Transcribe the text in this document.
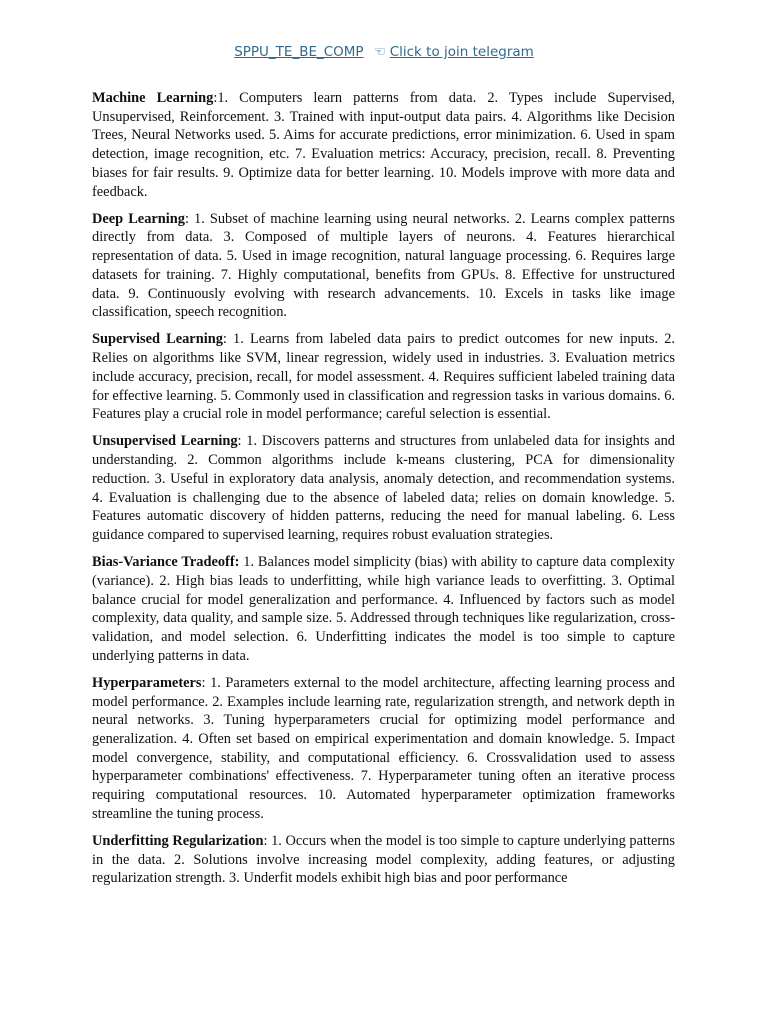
SPPU_TE_BE_COMP ☜ Click to join telegram

Machine Learning:1. Computers learn patterns from data. 2. Types include Supervised, Unsupervised, Reinforcement. 3. Trained with input-output data pairs. 4. Algorithms like Decision Trees, Neural Networks used. 5. Aims for accurate predictions, error minimization. 6. Used in spam detection, image recognition, etc. 7. Evaluation metrics: Accuracy, precision, recall. 8. Preventing biases for fair results. 9. Optimize data for better learning. 10. Models improve with more data and feedback.

Deep Learning: 1. Subset of machine learning using neural networks. 2. Learns complex patterns directly from data. 3. Composed of multiple layers of neurons. 4. Features hierarchical representation of data. 5. Used in image recognition, natural language processing. 6. Requires large datasets for training. 7. Highly computational, benefits from GPUs. 8. Effective for unstructured data. 9. Continuously evolving with research advancements. 10. Excels in tasks like image classification, speech recognition.

Supervised Learning: 1. Learns from labeled data pairs to predict outcomes for new inputs. 2. Relies on algorithms like SVM, linear regression, widely used in industries. 3. Evaluation metrics include accuracy, precision, recall, for model assessment. 4. Requires sufficient labeled training data for effective learning. 5. Commonly used in classification and regression tasks in various domains. 6. Features play a crucial role in model performance; careful selection is essential.

Unsupervised Learning: 1. Discovers patterns and structures from unlabeled data for insights and understanding. 2. Common algorithms include k-means clustering, PCA for dimensionality reduction. 3. Useful in exploratory data analysis, anomaly detection, and recommendation systems. 4. Evaluation is challenging due to the absence of labeled data; relies on domain knowledge. 5. Features automatic discovery of hidden patterns, reducing the need for manual labeling. 6. Less guidance compared to supervised learning, requires robust evaluation strategies.

Bias-Variance Tradeoff: 1. Balances model simplicity (bias) with ability to capture data complexity (variance). 2. High bias leads to underfitting, while high variance leads to overfitting. 3. Optimal balance crucial for model generalization and performance. 4. Influenced by factors such as model complexity, data quality, and sample size. 5. Addressed through techniques like regularization, cross-validation, and model selection. 6. Underfitting indicates the model is too simple to capture underlying patterns in data.

Hyperparameters: 1. Parameters external to the model architecture, affecting learning process and model performance. 2. Examples include learning rate, regularization strength, and network depth in neural networks. 3. Tuning hyperparameters crucial for optimizing model performance and generalization. 4. Often set based on empirical experimentation and domain knowledge. 5. Impact model convergence, stability, and computational efficiency. 6. Crossvalidation used to assess hyperparameter combinations' effectiveness. 7. Hyperparameter tuning often an iterative process requiring computational resources. 10. Automated hyperparameter optimization frameworks streamline the tuning process.

Underfitting Regularization: 1. Occurs when the model is too simple to capture underlying patterns in the data. 2. Solutions involve increasing model complexity, adding features, or adjusting regularization strength. 3. Underfit models exhibit high bias and poor performance
